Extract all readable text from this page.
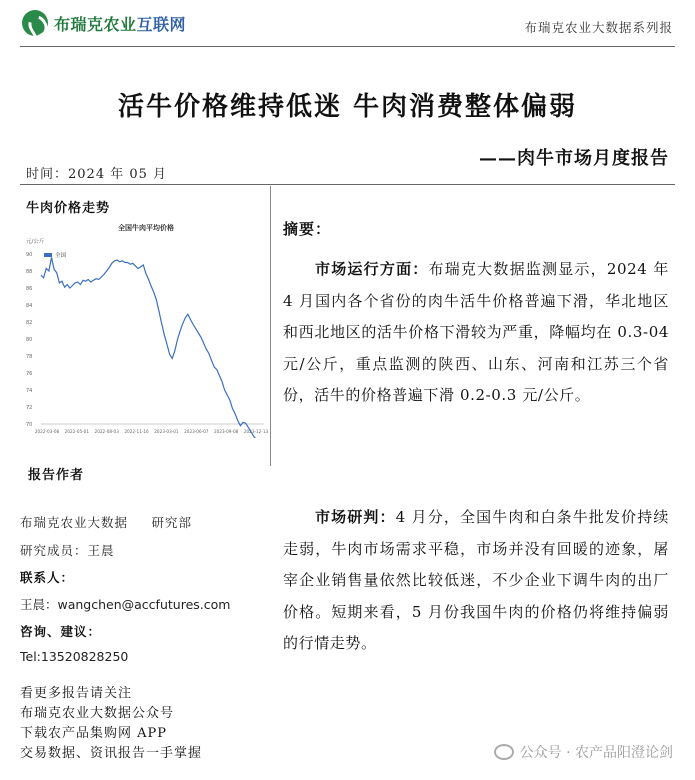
布瑞克农业互联网	布瑞克农业大数据系列报
活牛价格维持低迷 牛肉消费整体偏弱
——肉牛市场月度报告
时间：2024 年 05 月
牛肉价格走势
全国牛肉平均价格
元/公斤
全国
70
72
74
76
78
80
82
84
86
88
90
2022-03-08 2022-05-01 2022-08-03 2022-11-16 2023-03-01 2023-06-07 2023-09-08 2023-12-13
报告作者
布瑞克农业大数据 　 研究部
研究成员：王晨
联系人：
王晨：wangchen@accfutures.com
咨询、建议：
Tel:13520828250
看更多报告请关注
布瑞克农业大数据公众号
下载农产品集购网 APP
交易数据、资讯报告一手掌握
摘要：
市场运行方面：布瑞克大数据监测显示，2024 年 4 月国内各个省份的肉牛活牛价格普遍下滑，华北地区和西北地区的活牛价格下滑较为严重，降幅均在 0.3-04 元/公斤，重点监测的陕西、山东、河南和江苏三个省份，活牛的价格普遍下滑 0.2-0.3 元/公斤。
市场研判：4 月分，全国牛肉和白条牛批发价持续走弱，牛肉市场需求平稳，市场并没有回暖的迹象，屠宰企业销售量依然比较低迷，不少企业下调牛肉的出厂价格。短期来看，5 月份我国牛肉的价格仍将维持偏弱的行情走势。
公众号 · 农产品阳澄论剑
